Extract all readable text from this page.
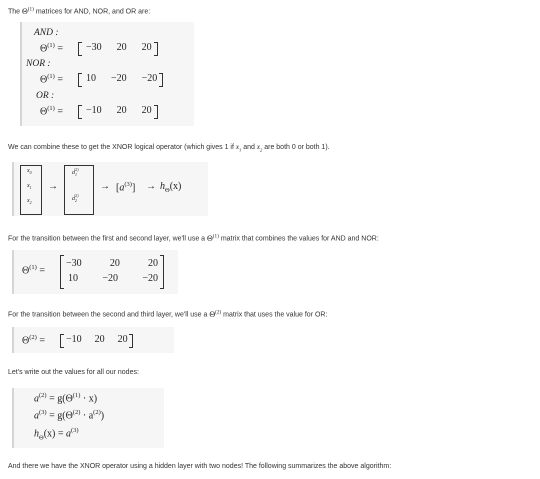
The $\Theta^{(1)}$ matrices for AND, NOR, and OR are:
AND :
$\Theta^{(1)} = -30$ 20 20
NOR :
$\Theta^{(1)} = 10 -20 -20$
OR :
$\Theta^{(1)} = -10$ 20 20
We can combine these to get the XNOR logical operator (which gives 1 if $x_1$ and $x_2$ are both 0 or both 1).
$x_0$
$x_1$
$x_2$
→
$a_1^{(2)}$
$a_2^{(2)}$
→ $[a^{(3)}] \to h_\Theta(x)$
For the transition between the first and second layer, we'll use a $\Theta^{(1)}$ matrix that combines the values for AND and NOR:
$\Theta^{(1)}$ =
−30	20	20
10 −20 −20
For the transition between the second and third layer, we'll use a $\Theta^{(2)}$ matrix that uses the value for OR:
$\Theta^{(2)} = -10$ 20 20
Let's write out the values for all our nodes:
$a^{(2)} = g(\Theta^{(1)} \cdot x)$
$a^{(3)} = g(\Theta^{(2)} \cdot a^{(2)})$
$h_\Theta(x) = a^{(3)}$
And there we have the XNOR operator using a hidden layer with two nodes! The following summarizes the above algorithm:
